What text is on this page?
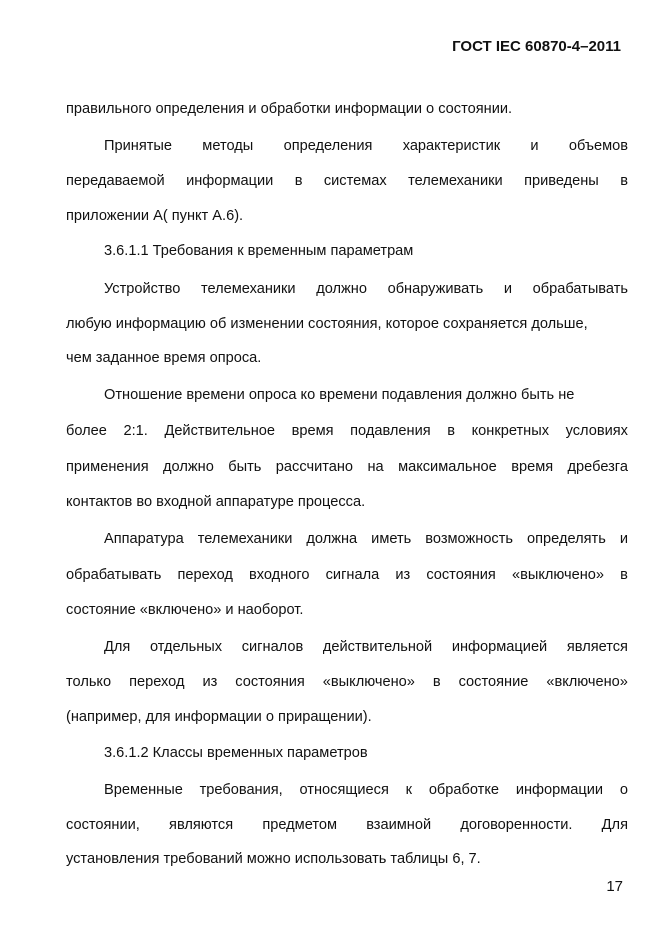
ГОСТ IEC 60870-4–2011
правильного определения и обработки информации о состоянии.
Принятые методы определения характеристик и объемов
передаваемой информации в системах телемеханики приведены в
приложении А( пункт А.6).
3.6.1.1 Требования к временным параметрам
Устройство телемеханики должно обнаруживать и обрабатывать
любую информацию об изменении состояния, которое сохраняется дольше,
чем заданное время опроса.
Отношение времени опроса ко времени подавления должно быть не
более 2:1. Действительное время подавления в конкретных условиях
применения должно быть рассчитано на максимальное время дребезга
контактов во входной аппаратуре процесса.
Аппаратура телемеханики должна иметь возможность определять и
обрабатывать переход входного сигнала из состояния «выключено» в
состояние «включено» и наоборот.
Для отдельных сигналов действительной информацией является
только переход из состояния «выключено» в состояние «включено»
(например, для информации о приращении).
3.6.1.2 Классы временных параметров
Временные требования, относящиеся к обработке информации о
состоянии, являются предметом взаимной договоренности. Для
установления требований можно использовать таблицы 6, 7.
17
